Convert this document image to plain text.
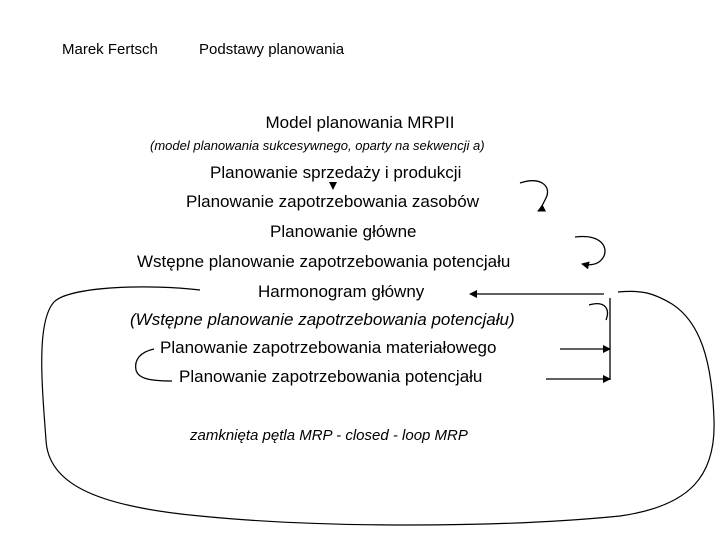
Marek Fertsch	Podstawy planowania
Model planowania MRPII
(model planowania sukcesywnego, oparty na sekwencji a)
Planowanie sprzedaży i produkcji
Planowanie zapotrzebowania zasobów
Planowanie główne
Wstępne planowanie zapotrzebowania potencjału
Harmonogram główny
(Wstępne planowanie zapotrzebowania potencjału)
Planowanie zapotrzebowania materiałowego
Planowanie zapotrzebowania potencjału
zamknięta pętla MRP - closed - loop MRP
